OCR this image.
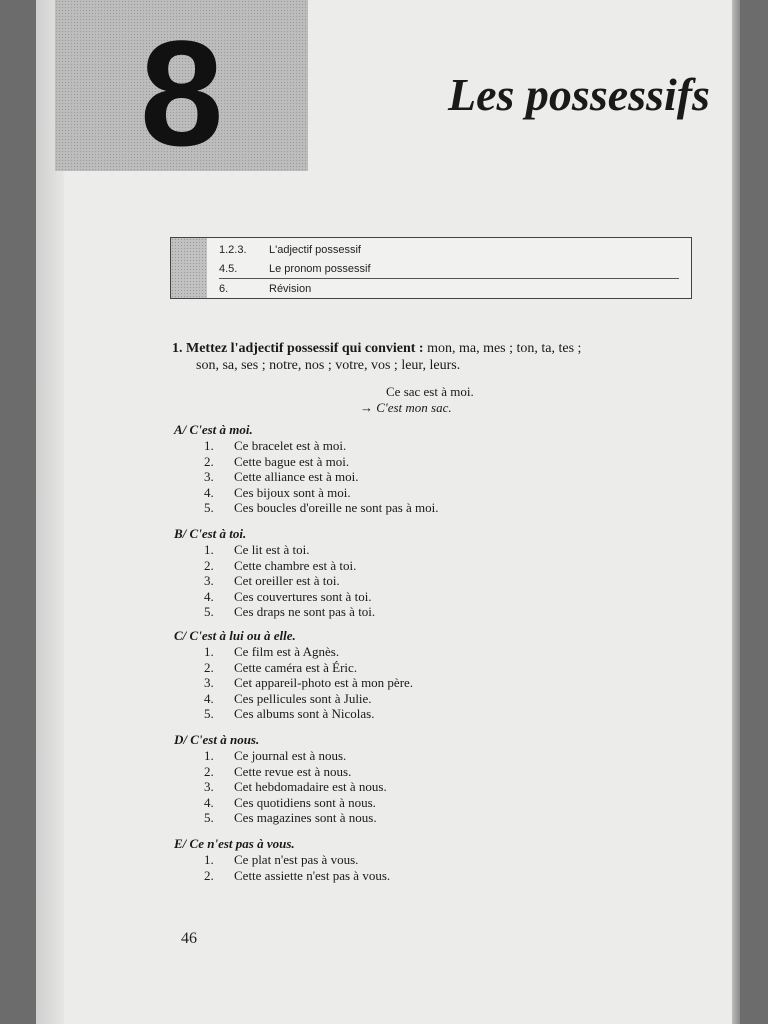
8	Les possessifs
1.2.3. L'adjectif possessif
4.5.	Le pronom possessif
6.	Révision
1. Mettez l'adjectif possessif qui convient : mon, ma, mes ; ton, ta, tes ;
son, sa, ses ; notre, nos ; votre, vos ; leur, leurs.
Ce sac est à moi.
→ C'est mon sac.
A/ C'est à moi.
1. Ce bracelet est à moi.
2. Cette bague est à moi.
3. Cette alliance est à moi.
4. Ces bijoux sont à moi.
5. Ces boucles d'oreille ne sont pas à moi.
B/ C'est à toi.
1. Ce lit est à toi.
2. Cette chambre est à toi.
3. Cet oreiller est à toi.
4. Ces couvertures sont à toi.
5. Ces draps ne sont pas à toi.
C/ C'est à lui ou à elle.
1. Ce film est à Agnès.
2. Cette caméra est à Éric.
3. Cet appareil-photo est à mon père.
4. Ces pellicules sont à Julie.
5. Ces albums sont à Nicolas.
D/ C'est à nous.
1. Ce journal est à nous.
2. Cette revue est à nous.
3. Cet hebdomadaire est à nous.
4. Ces quotidiens sont à nous.
5. Ces magazines sont à nous.
E/ Ce n'est pas à vous.
1. Ce plat n'est pas à vous.
2. Cette assiette n'est pas à vous.
46
